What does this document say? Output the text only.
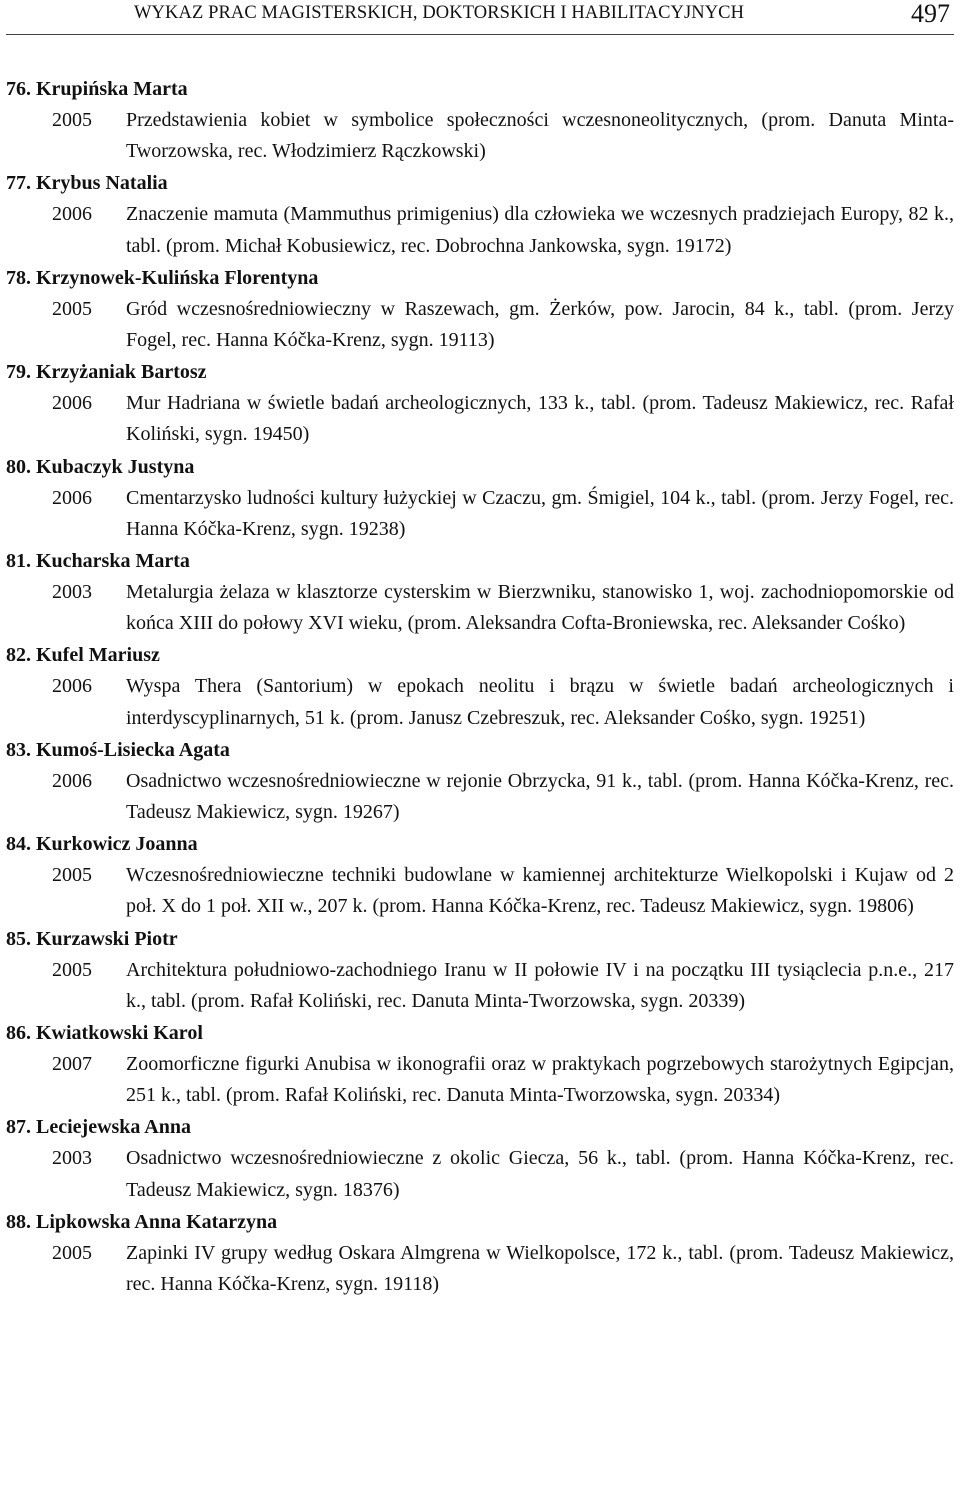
WYKAZ PRAC MAGISTERSKICH, DOKTORSKICH I HABILITACYJNYCH	497
76. Krupińska Marta
2005 Przedstawienia kobiet w symbolice społeczności wczesnoneolitycznych, (prom. Danuta Minta-Tworzowska, rec. Włodzimierz Rączkowski)
77. Krybus Natalia
2006 Znaczenie mamuta (Mammuthus primigenius) dla człowieka we wczesnych pradziejach Europy, 82 k., tabl. (prom. Michał Kobusiewicz, rec. Dobrochna Jankowska, sygn. 19172)
78. Krzynowek-Kulińska Florentyna
2005 Gród wczesnośredniowieczny w Raszewach, gm. Żerków, pow. Jarocin, 84 k., tabl. (prom. Jerzy Fogel, rec. Hanna Kóčka-Krenz, sygn. 19113)
79. Krzyżaniak Bartosz
2006 Mur Hadriana w świetle badań archeologicznych, 133 k., tabl. (prom. Tadeusz Makiewicz, rec. Rafał Koliński, sygn. 19450)
80. Kubaczyk Justyna
2006 Cmentarzysko ludności kultury łużyckiej w Czaczu, gm. Śmigiel, 104 k., tabl. (prom. Jerzy Fogel, rec. Hanna Kóčka-Krenz, sygn. 19238)
81. Kucharska Marta
2003 Metalurgia żelaza w klasztorze cysterskim w Bierzwniku, stanowisko 1, woj. zachodniopomorskie od końca XIII do połowy XVI wieku, (prom. Aleksandra Cofta-Broniewska, rec. Aleksander Cośko)
82. Kufel Mariusz
2006 Wyspa Thera (Santorium) w epokach neolitu i brązu w świetle badań archeologicznych i interdyscyplinarnych, 51 k. (prom. Janusz Czebreszuk, rec. Aleksander Cośko, sygn. 19251)
83. Kumoś-Lisiecka Agata
2006 Osadnictwo wczesnośredniowieczne w rejonie Obrzycka, 91 k., tabl. (prom. Hanna Kóčka-Krenz, rec. Tadeusz Makiewicz, sygn. 19267)
84. Kurkowicz Joanna
2005 Wczesnośredniowieczne techniki budowlane w kamiennej architekturze Wielkopolski i Kujaw od 2 poł. X do 1 poł. XII w., 207 k. (prom. Hanna Kóčka-Krenz, rec. Tadeusz Makiewicz, sygn. 19806)
85. Kurzawski Piotr
2005 Architektura południowo-zachodniego Iranu w II połowie IV i na początku III tysiąclecia p.n.e., 217 k., tabl. (prom. Rafał Koliński, rec. Danuta Minta-Tworzowska, sygn. 20339)
86. Kwiatkowski Karol
2007 Zoomorficzne figurki Anubisa w ikonografii oraz w praktykach pogrzebowych starożytnych Egipcjan, 251 k., tabl. (prom. Rafał Koliński, rec. Danuta Minta-Tworzowska, sygn. 20334)
87. Leciejewska Anna
2003 Osadnictwo wczesnośredniowieczne z okolic Giecza, 56 k., tabl. (prom. Hanna Kóčka-Krenz, rec. Tadeusz Makiewicz, sygn. 18376)
88. Lipkowska Anna Katarzyna
2005 Zapinki IV grupy według Oskara Almgrena w Wielkopolsce, 172 k., tabl. (prom. Tadeusz Makiewicz, rec. Hanna Kóčka-Krenz, sygn. 19118)
